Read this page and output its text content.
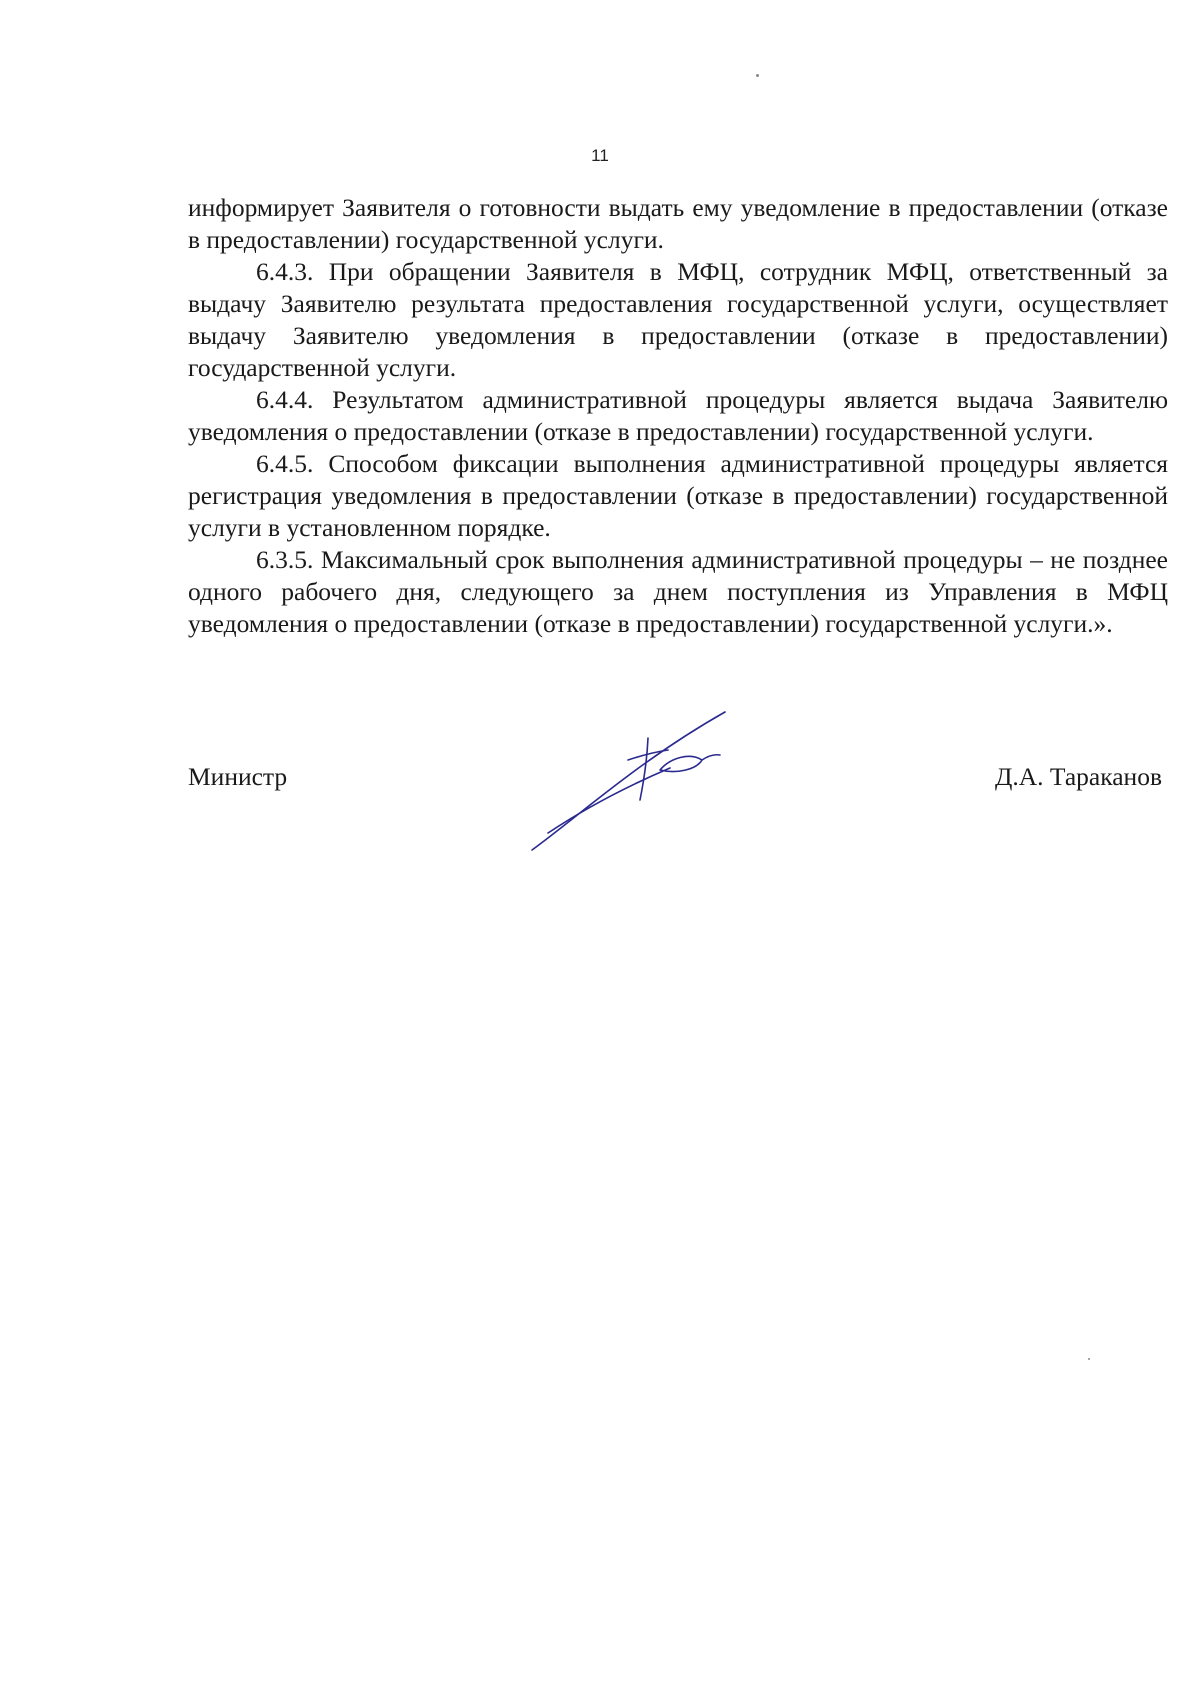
11

информирует Заявителя о готовности выдать ему уведомление в предоставлении (отказе в предоставлении) государственной услуги.

6.4.3. При обращении Заявителя в МФЦ, сотрудник МФЦ, ответственный за выдачу Заявителю результата предоставления государственной услуги, осуществляет выдачу Заявителю уведомления в предоставлении (отказе в предоставлении) государственной услуги.

6.4.4. Результатом административной процедуры является выдача Заявителю уведомления о предоставлении (отказе в предоставлении) государственной услуги.

6.4.5. Способом фиксации выполнения административной процедуры является регистрация уведомления в предоставлении (отказе в предоставлении) государственной услуги в установленном порядке.

6.3.5. Максимальный срок выполнения административной процедуры – не позднее одного рабочего дня, следующего за днем поступления из Управления в МФЦ уведомления о предоставлении (отказе в предоставлении) государственной услуги.».

Министр	Д.А. Тараканов
